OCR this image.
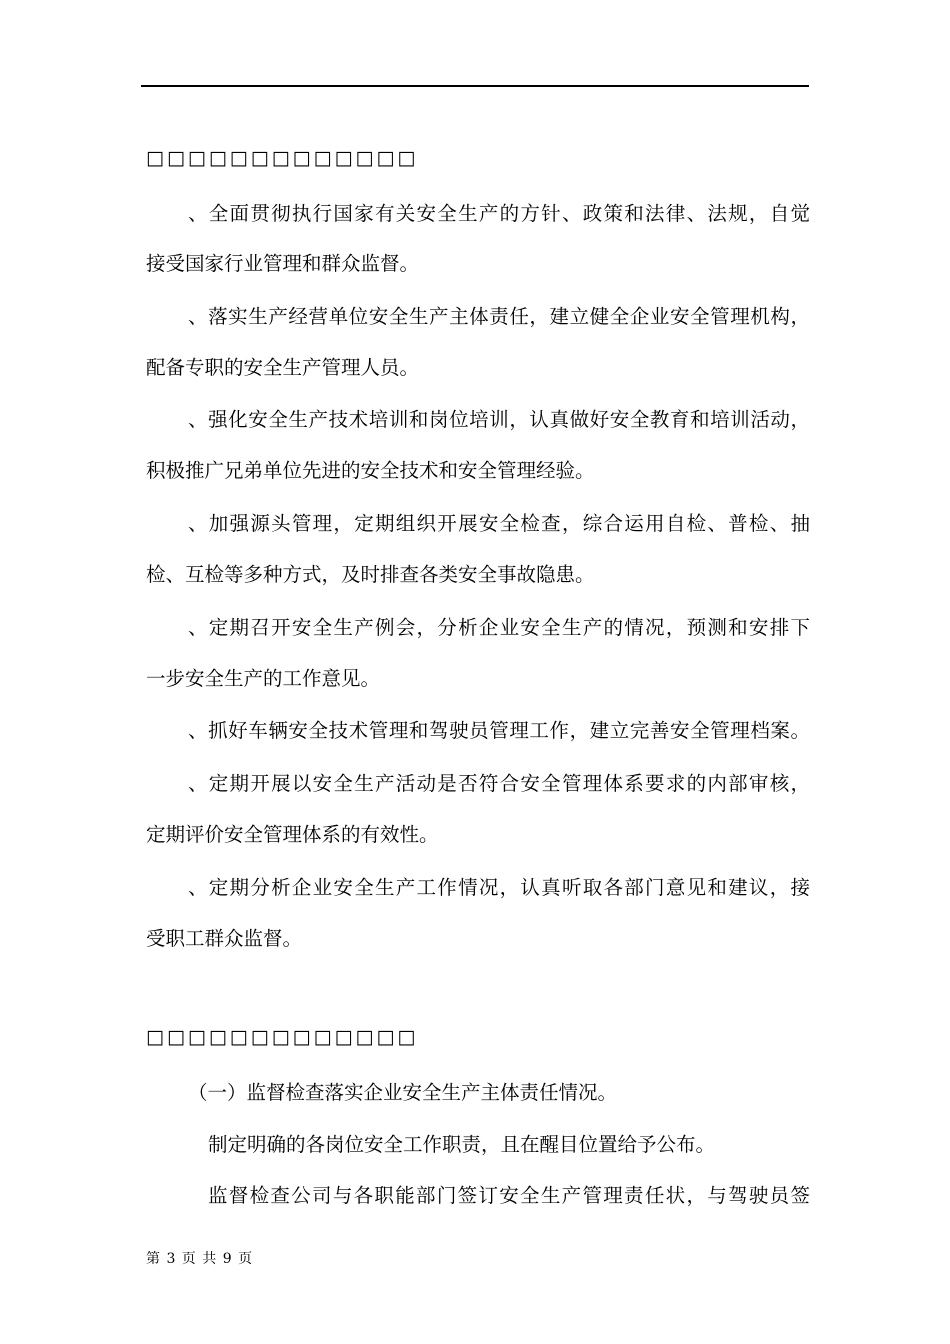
□□□□□□□□□□□□□
、全面贯彻执行国家有关安全生产的方针、政策和法律、法规，自觉
接受国家行业管理和群众监督。
、落实生产经营单位安全生产主体责任，建立健全企业安全管理机构，
配备专职的安全生产管理人员。
、强化安全生产技术培训和岗位培训，认真做好安全教育和培训活动，
积极推广兄弟单位先进的安全技术和安全管理经验。
、加强源头管理，定期组织开展安全检查，综合运用自检、普检、抽
检、互检等多种方式，及时排查各类安全事故隐患。
、定期召开安全生产例会，分析企业安全生产的情况，预测和安排下
一步安全生产的工作意见。
、抓好车辆安全技术管理和驾驶员管理工作，建立完善安全管理档案。
、定期开展以安全生产活动是否符合安全管理体系要求的内部审核，
定期评价安全管理体系的有效性。
、定期分析企业安全生产工作情况，认真听取各部门意见和建议，接
受职工群众监督。
□□□□□□□□□□□□□
（一）监督检查落实企业安全生产主体责任情况。
制定明确的各岗位安全工作职责，且在醒目位置给予公布。
监督检查公司与各职能部门签订安全生产管理责任状，与驾驶员签
第 3 页 共 9 页
